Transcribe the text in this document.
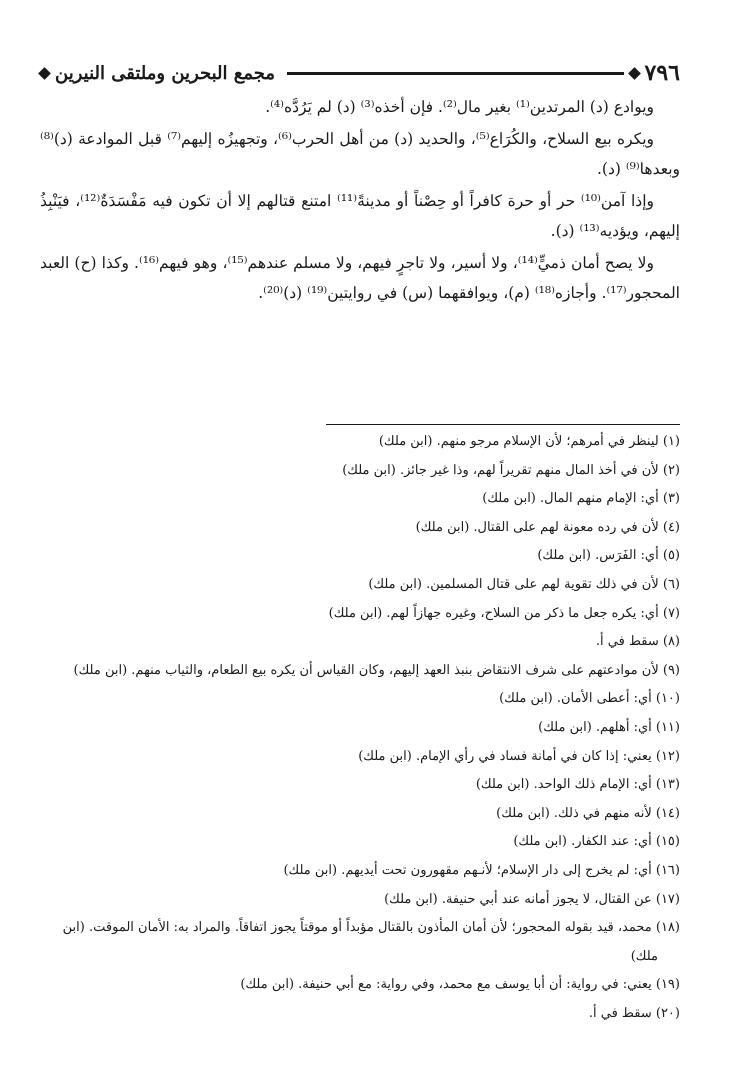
٧٩٦
مجمع البحرين وملتقى النيرين

ويوادع (د) المرتدين⁽¹⁾ بغير مال⁽²⁾. فإن أخذه⁽³⁾ (د) لم يَرُدَّه⁽⁴⁾.

ويكره بيع السلاح، والكُرَاع⁽⁵⁾، والحديد (د) من أهل الحرب⁽⁶⁾، وتجهيزُه إليهم⁽⁷⁾ قبل الموادعة (د)⁽⁸⁾وبعدها⁽⁹⁾ (د).

وإذا آمن⁽¹⁰⁾ حر أو حرة كافراً أو حِصْناً أو مدينةً⁽¹¹⁾ امتنع قتالهم إلا أن تكون فيه مَفْسَدَةٌ⁽¹²⁾، فيَنْبِذُ إليهم، ويؤديه⁽¹³⁾ (د).

ولا يصح أمان ذميٍّ⁽¹⁴⁾، ولا أسير، ولا تاجرٍ فيهم، ولا مسلم عندهم⁽¹⁵⁾، وهو فيهم⁽¹⁶⁾. وكذا (ح) العبد المحجور⁽¹⁷⁾. وأجازه⁽¹⁸⁾ (م)، ويوافقهما (س) في روايتين⁽¹⁹⁾ (د)⁽²⁰⁾.

(١) لينظر في أمرهم؛ لأن الإسلام مرجو منهم. (ابن ملك)

(٢) لأن في أخذ المال منهم تقريراً لهم، وذا غير جائز. (ابن ملك)

(٣) أي: الإمام منهم المال. (ابن ملك)

(٤) لأن في رده معونة لهم على القتال. (ابن ملك)

(٥) أي: الفَرَس. (ابن ملك)

(٦) لأن في ذلك تقوية لهم على قتال المسلمين. (ابن ملك)

(٧) أي: يكره جعل ما ذكر من السلاح، وغيره جهازاً لهم. (ابن ملك)

(٨) سقط في أ.

(٩) لأن موادعتهم على شرف الانتقاض بنبذ العهد إليهم، وكان القياس أن يكره بيع الطعام، والثياب منهم. (ابن ملك)

(١٠) أي: أعطى الأمان. (ابن ملك)

(١١) أي: أهلهم. (ابن ملك)

(١٢) يعني: إذا كان في أمانة فساد في رأي الإمام. (ابن ملك)

(١٣) أي: الإمام ذلك الواحد. (ابن ملك)

(١٤) لأنه منهم في ذلك. (ابن ملك)

(١٥) أي: عند الكفار. (ابن ملك)

(١٦) أي: لم يخرج إلى دار الإسلام؛ لأنـهم مقهورون تحت أيديهم. (ابن ملك)

(١٧) عن القتال، لا يجوز أمانه عند أبي حنيفة. (ابن ملك)

(١٨) محمد، قيد بقوله المحجور؛ لأن أمان المأذون بالقتال مؤبداً أو موقتاً يجوز اتفاقاً. والمراد به: الأمان الموقت. (ابن ملك)

(١٩) يعني: في رواية: أن أبا يوسف مع محمد، وفي رواية: مع أبي حنيفة. (ابن ملك)

(٢٠) سقط في أ.
